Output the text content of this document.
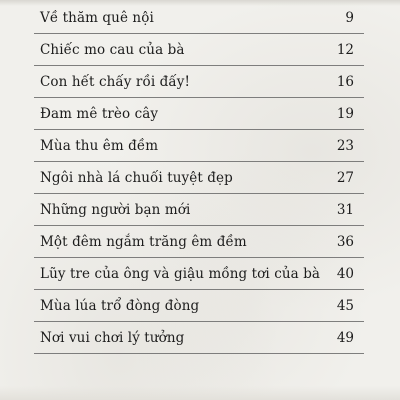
Về thăm quê nội	9
Chiếc mo cau của bà	12
Con hết chấy rồi đấy!	16
Đam mê trèo cây	19
Mùa thu êm đềm	23
Ngôi nhà lá chuối tuyệt đẹp	27
Những người bạn mới	31
Một đêm ngắm trăng êm đềm	36
Lũy tre của ông và giậu mồng tơi của bà 40
Mùa lúa trổ đòng đòng	45
Nơi vui chơi lý tưởng	49
